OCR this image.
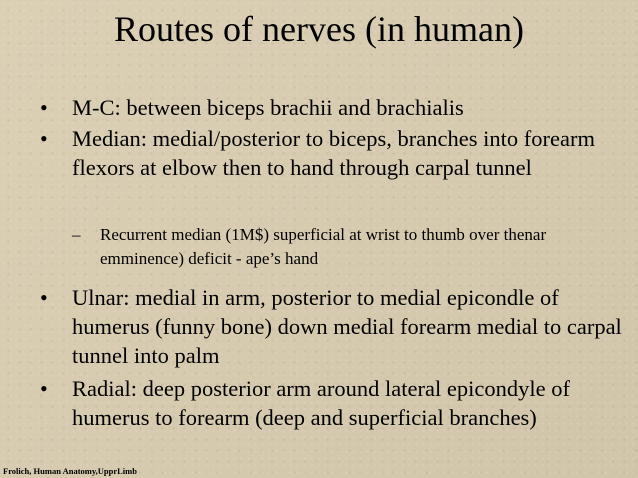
Routes of nerves (in human)
•	M-C: between biceps brachii and brachialis
•	Median: medial/posterior to biceps, branches into forearm flexors at elbow then to hand through carpal tunnel
– Recurrent median (1M$) superficial at wrist to thumb over thenar emminence) deficit - ape’s hand
•	Ulnar: medial in arm, posterior to medial epicondle of humerus (funny bone) down medial forearm medial to carpal tunnel into palm
•	Radial: deep posterior arm around lateral epicondyle of humerus to forearm (deep and superficial branches)
Frolich, Human Anatomy,UpprLimb
